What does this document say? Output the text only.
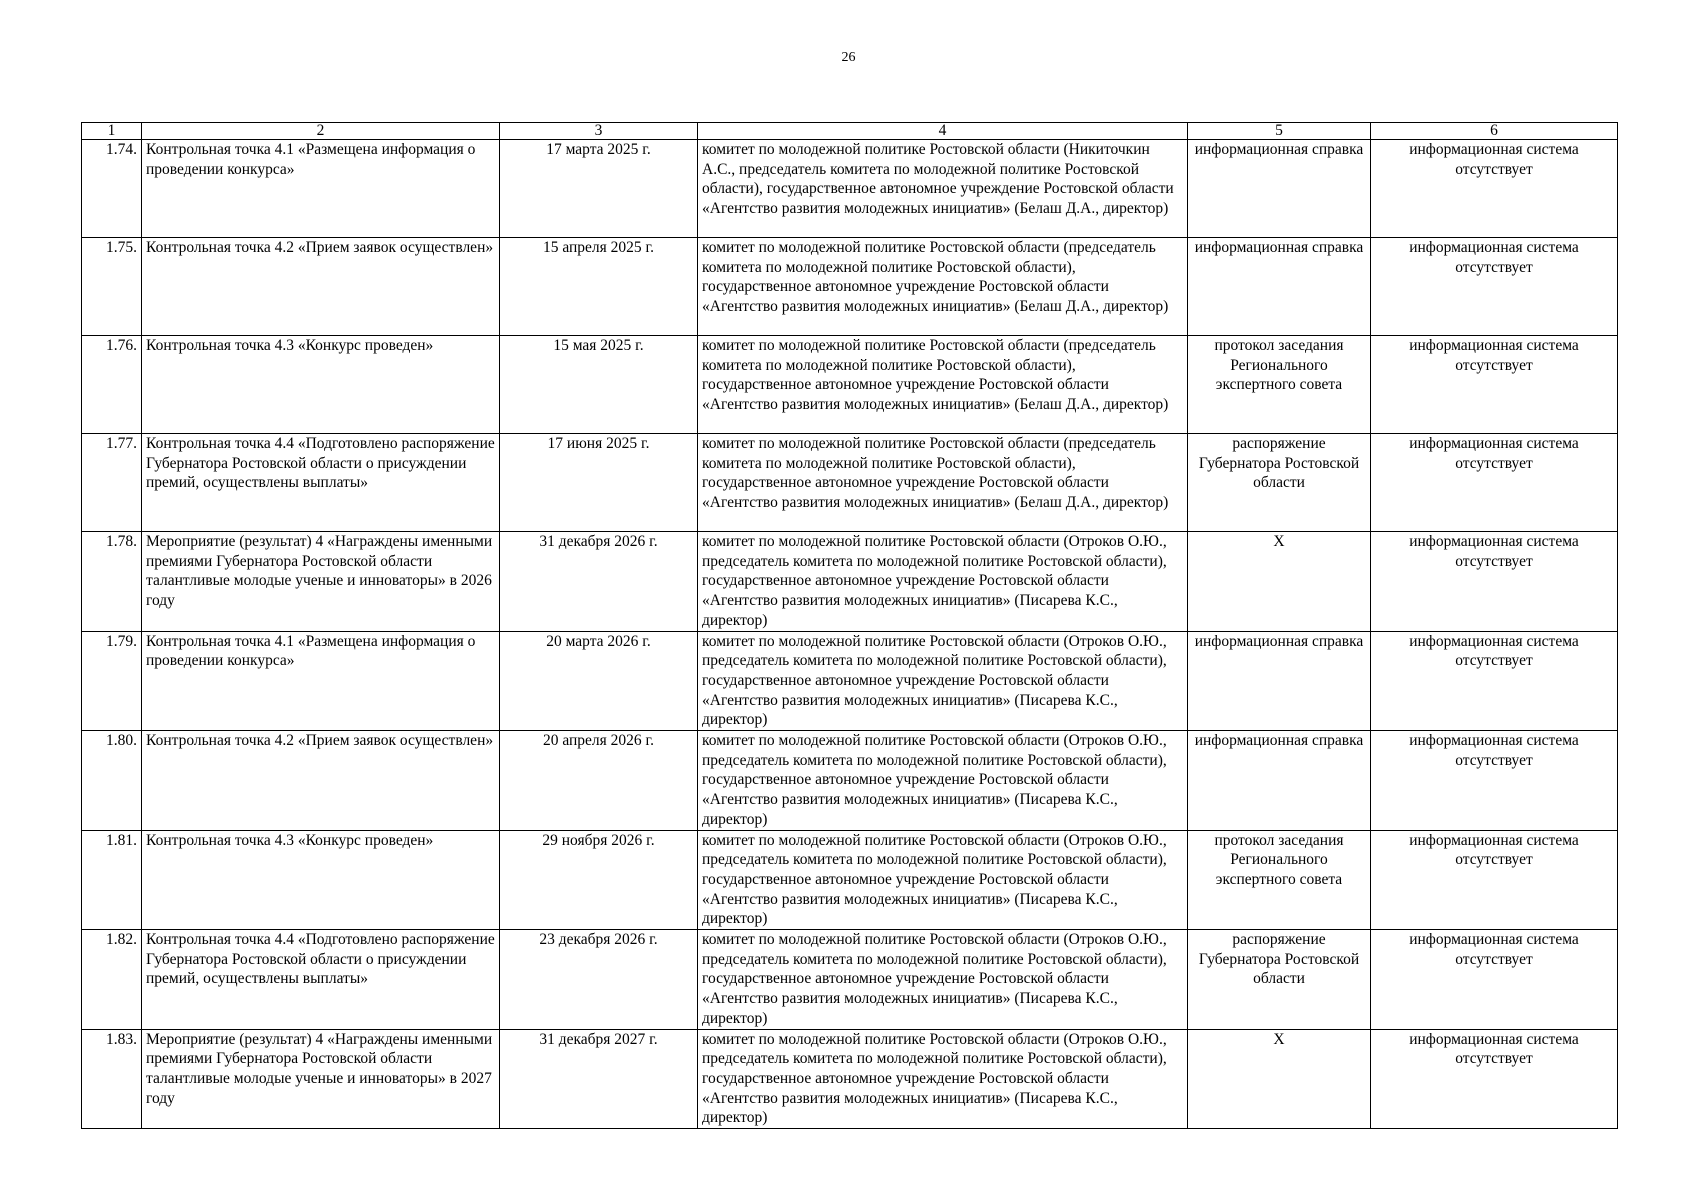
26
1	2	3	4	5	6
1.74.	Контрольная точка 4.1 «Размещена информация о проведении конкурса»	17 марта 2025 г.	комитет по молодежной политике Ростовской области (Никиточкин А.С., председатель комитета по молодежной политике Ростовской области), государственное автономное учреждение Ростовской области «Агентство развития молодежных инициатив» (Белаш Д.А., директор)	информационная справка	информационная система отсутствует
1.75.	Контрольная точка 4.2 «Прием заявок осуществлен»	15 апреля 2025 г.	комитет по молодежной политике Ростовской области (председатель комитета по молодежной политике Ростовской области), государственное автономное учреждение Ростовской области «Агентство развития молодежных инициатив» (Белаш Д.А., директор)	информационная справка	информационная система отсутствует
1.76.	Контрольная точка 4.3 «Конкурс проведен»	15 мая 2025 г.	комитет по молодежной политике Ростовской области (председатель комитета по молодежной политике Ростовской области), государственное автономное учреждение Ростовской области «Агентство развития молодежных инициатив» (Белаш Д.А., директор)	протокол заседания Регионального экспертного совета	информационная система отсутствует
1.77.	Контрольная точка 4.4 «Подготовлено распоряжение Губернатора Ростовской области о присуждении премий, осуществлены выплаты»	17 июня 2025 г.	комитет по молодежной политике Ростовской области (председатель комитета по молодежной политике Ростовской области), государственное автономное учреждение Ростовской области «Агентство развития молодежных инициатив» (Белаш Д.А., директор)	распоряжение Губернатора Ростовской области	информационная система отсутствует
1.78.	Мероприятие (результат) 4 «Награждены именными премиями Губернатора Ростовской области талантливые молодые ученые и инноваторы» в 2026 году	31 декабря 2026 г.	комитет по молодежной политике Ростовской области (Отроков О.Ю., председатель комитета по молодежной политике Ростовской области), государственное автономное учреждение Ростовской области «Агентство развития молодежных инициатив» (Писарева К.С., директор)	Х	информационная система отсутствует
1.79.	Контрольная точка 4.1 «Размещена информация о проведении конкурса»	20 марта 2026 г.	комитет по молодежной политике Ростовской области (Отроков О.Ю., председатель комитета по молодежной политике Ростовской области), государственное автономное учреждение Ростовской области «Агентство развития молодежных инициатив» (Писарева К.С., директор)	информационная справка	информационная система отсутствует
1.80.	Контрольная точка 4.2 «Прием заявок осуществлен»	20 апреля 2026 г.	комитет по молодежной политике Ростовской области (Отроков О.Ю., председатель комитета по молодежной политике Ростовской области), государственное автономное учреждение Ростовской области «Агентство развития молодежных инициатив» (Писарева К.С., директор)	информационная справка	информационная система отсутствует
1.81.	Контрольная точка 4.3 «Конкурс проведен»	29 ноября 2026 г.	комитет по молодежной политике Ростовской области (Отроков О.Ю., председатель комитета по молодежной политике Ростовской области), государственное автономное учреждение Ростовской области «Агентство развития молодежных инициатив» (Писарева К.С., директор)	протокол заседания Регионального экспертного совета	информационная система отсутствует
1.82.	Контрольная точка 4.4 «Подготовлено распоряжение Губернатора Ростовской области о присуждении премий, осуществлены выплаты»	23 декабря 2026 г.	комитет по молодежной политике Ростовской области (Отроков О.Ю., председатель комитета по молодежной политике Ростовской области), государственное автономное учреждение Ростовской области «Агентство развития молодежных инициатив» (Писарева К.С., директор)	распоряжение Губернатора Ростовской области	информационная система отсутствует
1.83.	Мероприятие (результат) 4 «Награждены именными премиями Губернатора Ростовской области талантливые молодые ученые и инноваторы» в 2027 году	31 декабря 2027 г.	комитет по молодежной политике Ростовской области (Отроков О.Ю., председатель комитета по молодежной политике Ростовской области), государственное автономное учреждение Ростовской области «Агентство развития молодежных инициатив» (Писарева К.С., директор)	Х	информационная система отсутствует
